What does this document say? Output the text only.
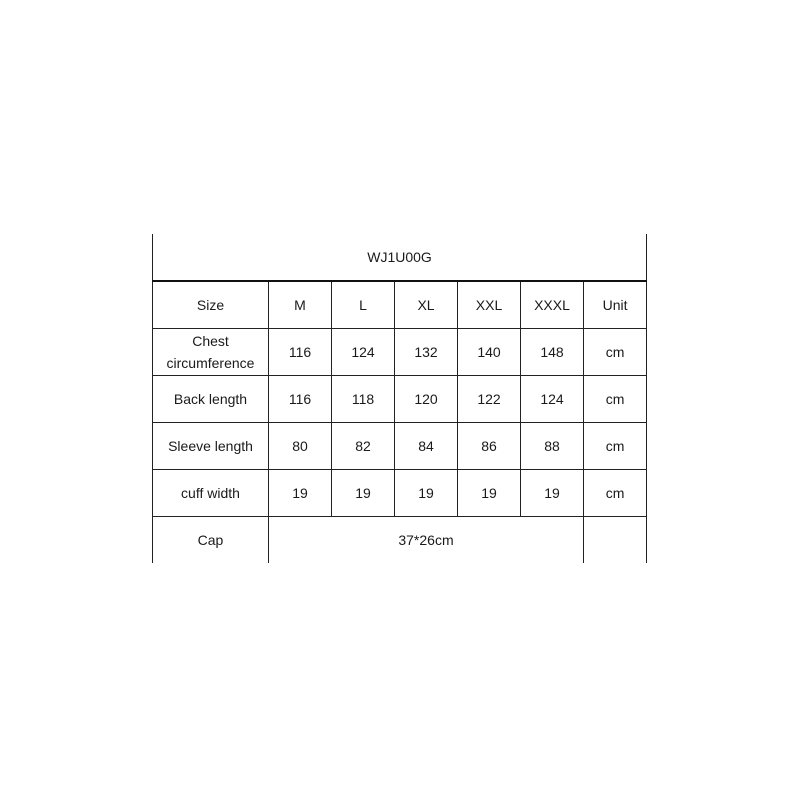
WJ1U00G						
Size	M	L	XL	XXL	XXXL	Unit

Chest
circumference	116	124	132	140	148	cm
Back length	116	118	120	122	124	cm
Sleeve length	80	82	84	86	88	cm
cuff width	19	19	19	19	19	cm
Cap	37*26cm					
